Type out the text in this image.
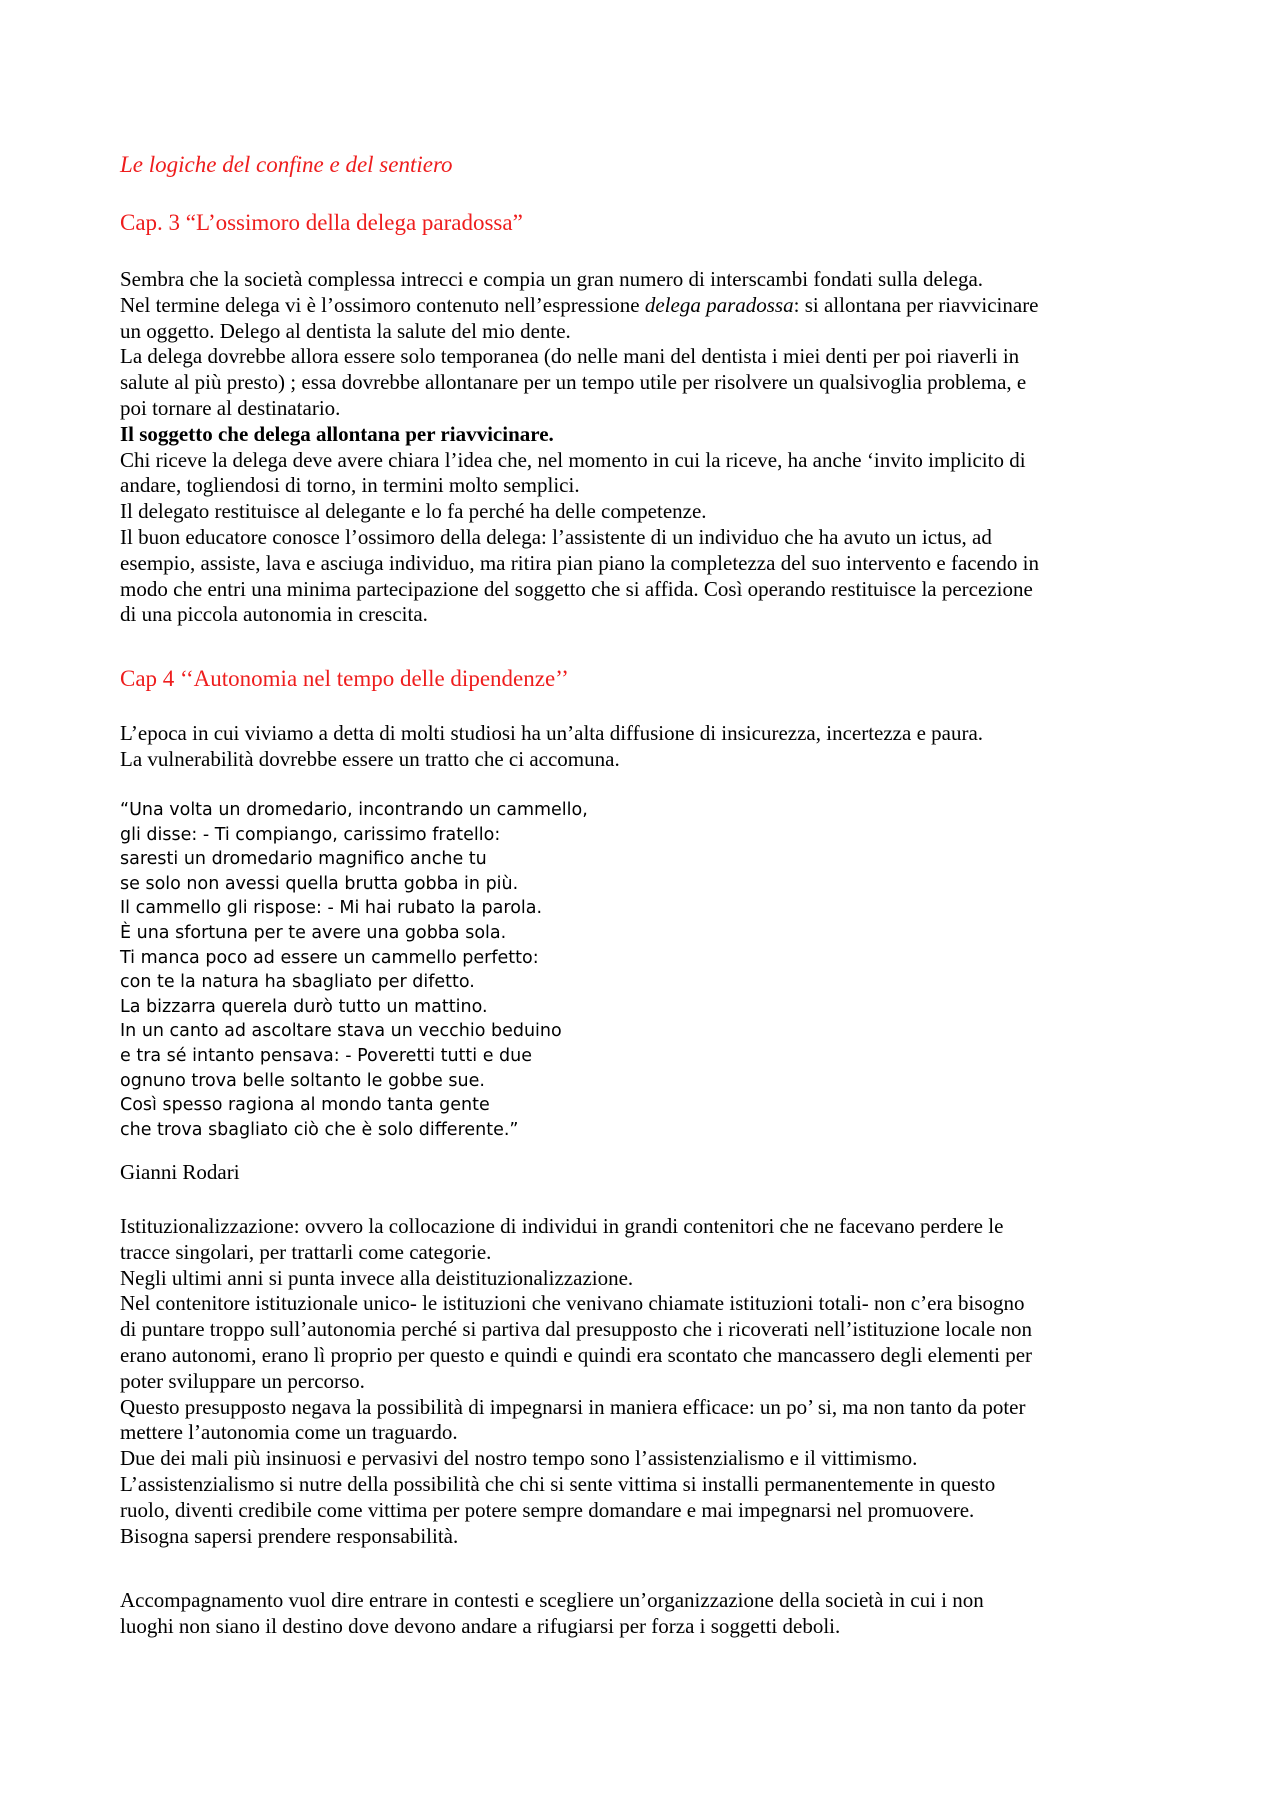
Le logiche del confine e del sentiero
Cap. 3 “L’ossimoro della delega paradossa”
Sembra che la società complessa intrecci e compia un gran numero di interscambi fondati sulla delega.
Nel termine delega vi è l’ossimoro contenuto nell’espressione delega paradossa: si allontana per riavvicinare
un oggetto. Delego al dentista la salute del mio dente.
La delega dovrebbe allora essere solo temporanea (do nelle mani del dentista i miei denti per poi riaverli in
salute al più presto) ; essa dovrebbe allontanare per un tempo utile per risolvere un qualsivoglia problema, e
poi tornare al destinatario.
Il soggetto che delega allontana per riavvicinare.
Chi riceve la delega deve avere chiara l’idea che, nel momento in cui la riceve, ha anche ‘invito implicito di
andare, togliendosi di torno, in termini molto semplici.
Il delegato restituisce al delegante e lo fa perché ha delle competenze.
Il buon educatore conosce l’ossimoro della delega: l’assistente di un individuo che ha avuto un ictus, ad
esempio, assiste, lava e asciuga individuo, ma ritira pian piano la completezza del suo intervento e facendo in
modo che entri una minima partecipazione del soggetto che si affida. Così operando restituisce la percezione
di una piccola autonomia in crescita.
Cap 4 ‘‘Autonomia nel tempo delle dipendenze’’
L’epoca in cui viviamo a detta di molti studiosi ha un’alta diffusione di insicurezza, incertezza e paura.
La vulnerabilità dovrebbe essere un tratto che ci accomuna.
“Una volta un dromedario, incontrando un cammello,
gli disse: - Ti compiango, carissimo fratello:
saresti un dromedario magnifico anche tu
se solo non avessi quella brutta gobba in più.
Il cammello gli rispose: - Mi hai rubato la parola.
È una sfortuna per te avere una gobba sola.
Ti manca poco ad essere un cammello perfetto:
con te la natura ha sbagliato per difetto.
La bizzarra querela durò tutto un mattino.
In un canto ad ascoltare stava un vecchio beduino
e tra sé intanto pensava: - Poveretti tutti e due
ognuno trova belle soltanto le gobbe sue.
Così spesso ragiona al mondo tanta gente
che trova sbagliato ciò che è solo differente.”
Gianni Rodari
Istituzionalizzazione: ovvero la collocazione di individui in grandi contenitori che ne facevano perdere le
tracce singolari, per trattarli come categorie.
Negli ultimi anni si punta invece alla deistituzionalizzazione.
Nel contenitore istituzionale unico- le istituzioni che venivano chiamate istituzioni totali- non c’era bisogno
di puntare troppo sull’autonomia perché si partiva dal presupposto che i ricoverati nell’istituzione locale non
erano autonomi, erano lì proprio per questo e quindi e quindi era scontato che mancassero degli elementi per
poter sviluppare un percorso.
Questo presupposto negava la possibilità di impegnarsi in maniera efficace: un po’ si, ma non tanto da poter
mettere l’autonomia come un traguardo.
Due dei mali più insinuosi e pervasivi del nostro tempo sono l’assistenzialismo e il vittimismo.
L’assistenzialismo si nutre della possibilità che chi si sente vittima si installi permanentemente in questo
ruolo, diventi credibile come vittima per potere sempre domandare e mai impegnarsi nel promuovere.
Bisogna sapersi prendere responsabilità.
Accompagnamento vuol dire entrare in contesti e scegliere un’organizzazione della società in cui i non
luoghi non siano il destino dove devono andare a rifugiarsi per forza i soggetti deboli.
